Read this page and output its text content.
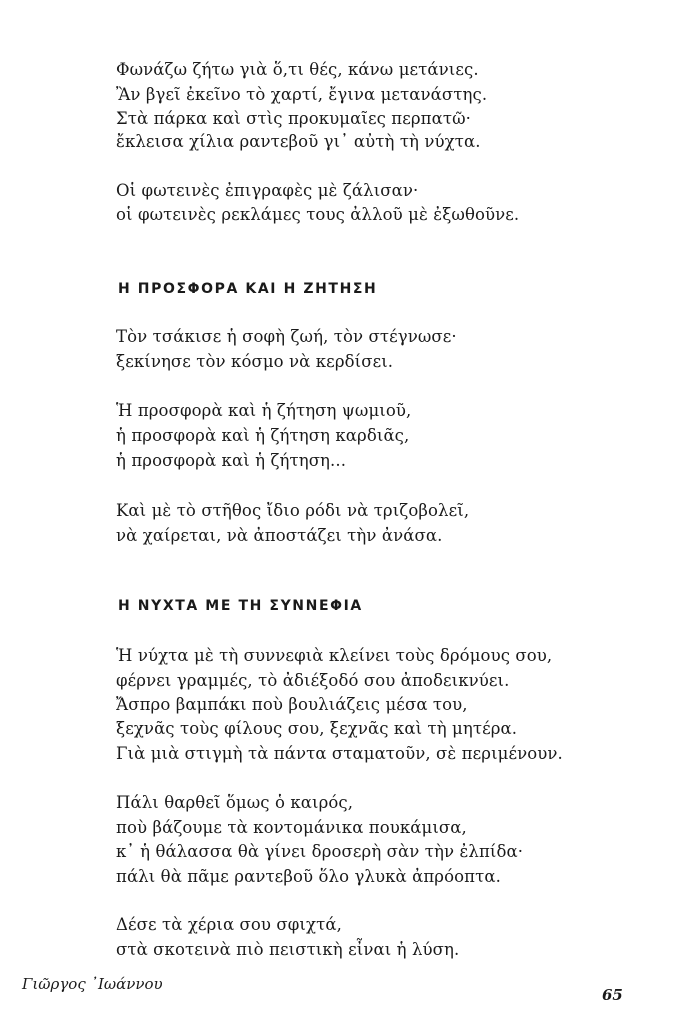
Φωνάζω ζήτω γιὰ ὅ,τι θές, κάνω μετάνιες.
Ἂν βγεῖ ἐκεῖνο τὸ χαρτί, ἔγινα μετανάστης.
Στὰ πάρκα καὶ στὶς προκυμαῖες περπατῶ·
ἔκλεισα χίλια ραντεβοῦ γι᾿ αὐτὴ τὴ νύχτα.
Οἱ φωτεινὲς ἐπιγραφὲς μὲ ζάλισαν·
οἱ φωτεινὲς ρεκλάμες τους ἀλλοῦ μὲ ἐξωθοῦνε.
Η ΠΡΟΣΦΟΡΑ ΚΑΙ Η ΖΗΤΗΣΗ
Τὸν τσάκισε ἡ σοφὴ ζωή, τὸν στέγνωσε·
ξεκίνησε τὸν κόσμο νὰ κερδίσει.
Ἡ προσφορὰ καὶ ἡ ζήτηση ψωμιοῦ,
ἡ προσφορὰ καὶ ἡ ζήτηση καρδιᾶς,
ἡ προσφορὰ καὶ ἡ ζήτηση...
Καὶ μὲ τὸ στῆθος ἴδιο ρόδι νὰ τριζοβολεῖ,
νὰ χαίρεται, νὰ ἀποστάζει τὴν ἀνάσα.
Η ΝΥΧΤΑ ΜΕ ΤΗ ΣΥΝΝΕΦΙΑ
Ἡ νύχτα μὲ τὴ συννεφιὰ κλείνει τοὺς δρόμους σου,
φέρνει γραμμές, τὸ ἀδιέξοδό σου ἀποδεικνύει.
Ἄσπρο βαμπάκι ποὺ βουλιάζεις μέσα του,
ξεχνᾶς τοὺς φίλους σου, ξεχνᾶς καὶ τὴ μητέρα.
Γιὰ μιὰ στιγμὴ τὰ πάντα σταματοῦν, σὲ περιμένουν.
Πάλι θαρθεῖ ὅμως ὁ καιρός,
ποὺ βάζουμε τὰ κοντομάνικα πουκάμισα,
κ᾿ ἡ θάλασσα θὰ γίνει δροσερὴ σὰν τὴν ἐλπίδα·
πάλι θὰ πᾶμε ραντεβοῦ ὅλο γλυκὰ ἀπρόοπτα.
Δέσε τὰ χέρια σου σφιχτά,
στὰ σκοτεινὰ πιὸ πειστικὴ εἶναι ἡ λύση.
Γιῶργος ᾿Ιωάννου
65
